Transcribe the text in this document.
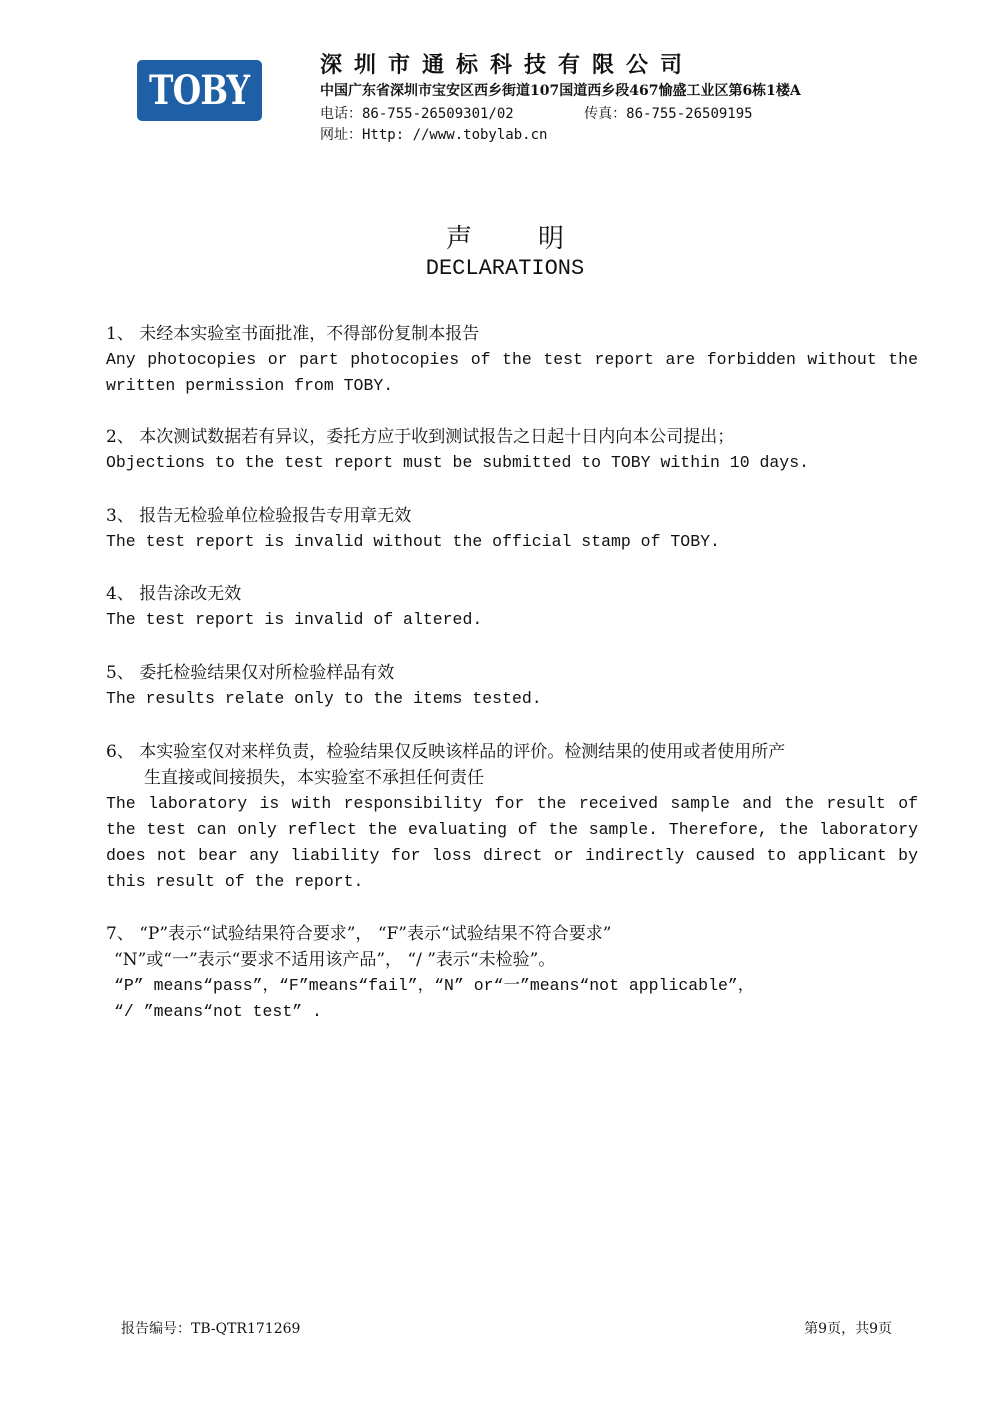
TOBY
深圳市通标科技有限公司
中国广东省深圳市宝安区西乡街道107国道西乡段467愉盛工业区第6栋1楼A
电话：86-755-26509301/02	传真：86-755-26509195
网址：Http: //www.tobylab.cn
声        明
DECLARATIONS
1、 未经本实验室书面批准，不得部份复制本报告
Any photocopies or part photocopies of the test report are forbidden without the written permission from TOBY.
2、 本次测试数据若有异议，委托方应于收到测试报告之日起十日内向本公司提出；
Objections to the test report must be submitted to TOBY within 10 days.
3、 报告无检验单位检验报告专用章无效
The test report is invalid without the official stamp of TOBY.
4、 报告涂改无效
The test report is invalid of altered.
5、 委托检验结果仅对所检验样品有效
The results relate only to the items tested.
6、 本实验室仅对来样负责，检验结果仅反映该样品的评价。检测结果的使用或者使用所产
生直接或间接损失，本实验室不承担任何责任
The laboratory is with responsibility for the received sample and the result of the test can only reflect the evaluating of the sample. Therefore, the laboratory does not bear any liability for loss direct or indirectly caused to applicant by this result of the report.
7、 “P”表示“试验结果符合要求”， “F”表示“试验结果不符合要求”
“N”或“一”表示“要求不适用该产品”， “/ ”表示“未检验”。
“P” means“pass”，“F”means“fail”，“N” or“一”means“not applicable”，
“/ ”means“not test” .
报告编号：TB-QTR171269	第9页，共9页
